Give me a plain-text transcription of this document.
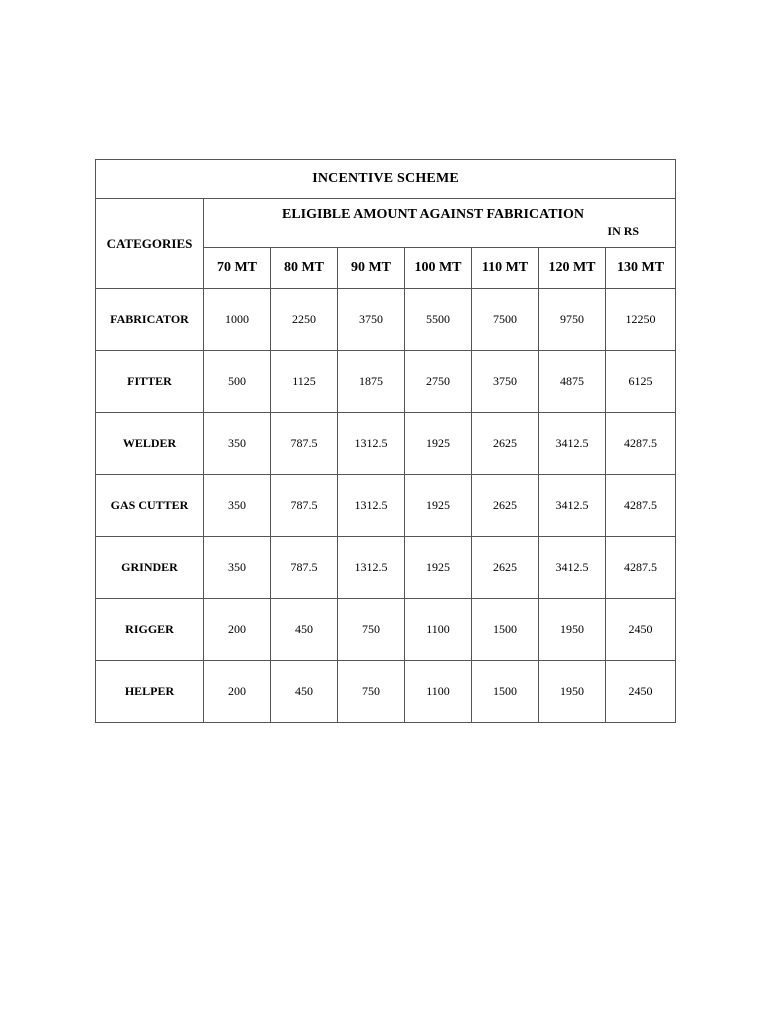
INCENTIVE SCHEME							
CATEGORIES	ELIGIBLE AMOUNT AGAINST FABRICATION
IN RS						

	70 MT	80 MT	90 MT	100 MT	110 MT	120 MT	130 MT
FABRICATOR	1000	2250	3750	5500	7500	9750	12250
FITTER	500	1125	1875	2750	3750	4875	6125
WELDER	350	787.5	1312.5	1925	2625	3412.5	4287.5
GAS CUTTER	350	787.5	1312.5	1925	2625	3412.5	4287.5
GRINDER	350	787.5	1312.5	1925	2625	3412.5	4287.5
RIGGER	200	450	750	1100	1500	1950	2450
HELPER	200	450	750	1100	1500	1950	2450
